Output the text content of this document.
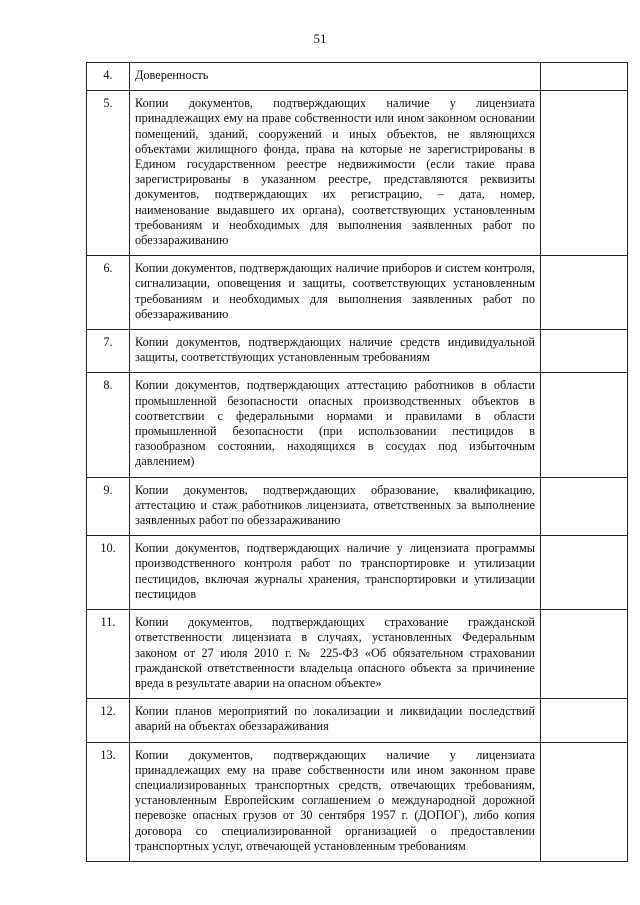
51
4.	Доверенность	
5.	Копии документов, подтверждающих наличие у лицензиата принадлежащих ему на праве собственности или ином законном основании помещений, зданий, сооружений и иных объектов, не являющихся объектами жилищного фонда, права на которые не зарегистрированы в Едином государственном реестре недвижимости (если такие права зарегистрированы в указанном реестре, представляются реквизиты документов, подтверждающих их регистрацию, – дата, номер, наименование выдавшего их органа), соответствующих установленным требованиям и необходимых для выполнения заявленных работ по обеззараживанию	
6.	Копии документов, подтверждающих наличие приборов и систем контроля, сигнализации, оповещения и защиты, соответствующих установленным требованиям и необходимых для выполнения заявленных работ по обеззараживанию	
7.	Копии документов, подтверждающих наличие средств индивидуальной защиты, соответствующих установленным требованиям	
8.	Копии документов, подтверждающих аттестацию работников в области промышленной безопасности опасных производственных объектов в соответствии с федеральными нормами и правилами в области промышленной безопасности (при использовании пестицидов в газообразном состоянии, находящихся в сосудах под избыточным давлением)	
9.	Копии документов, подтверждающих образование, квалификацию, аттестацию и стаж работников лицензиата, ответственных за выполнение заявленных работ по обеззараживанию	
10.	Копии документов, подтверждающих наличие у лицензиата программы производственного контроля работ по транспортировке и утилизации пестицидов, включая журналы хранения, транспортировки и утилизации пестицидов	
11.	Копии документов, подтверждающих страхование гражданской ответственности лицензиата в случаях, установленных Федеральным законом от 27 июля 2010 г. № 225-ФЗ «Об обязательном страховании гражданской ответственности владельца опасного объекта за причинение вреда в результате аварии на опасном объекте»	
12.	Копии планов мероприятий по локализации и ликвидации последствий аварий на объектах обеззараживания	
13.	Копии документов, подтверждающих наличие у лицензиата принадлежащих ему на праве собственности или ином законном праве специализированных транспортных средств, отвечающих требованиям, установленным Европейским соглашением о международной дорожной перевозке опасных грузов от 30 сентября 1957 г. (ДОПОГ), либо копия договора со специализированной организацией о предоставлении транспортных услуг, отвечающей установленным требованиям	
